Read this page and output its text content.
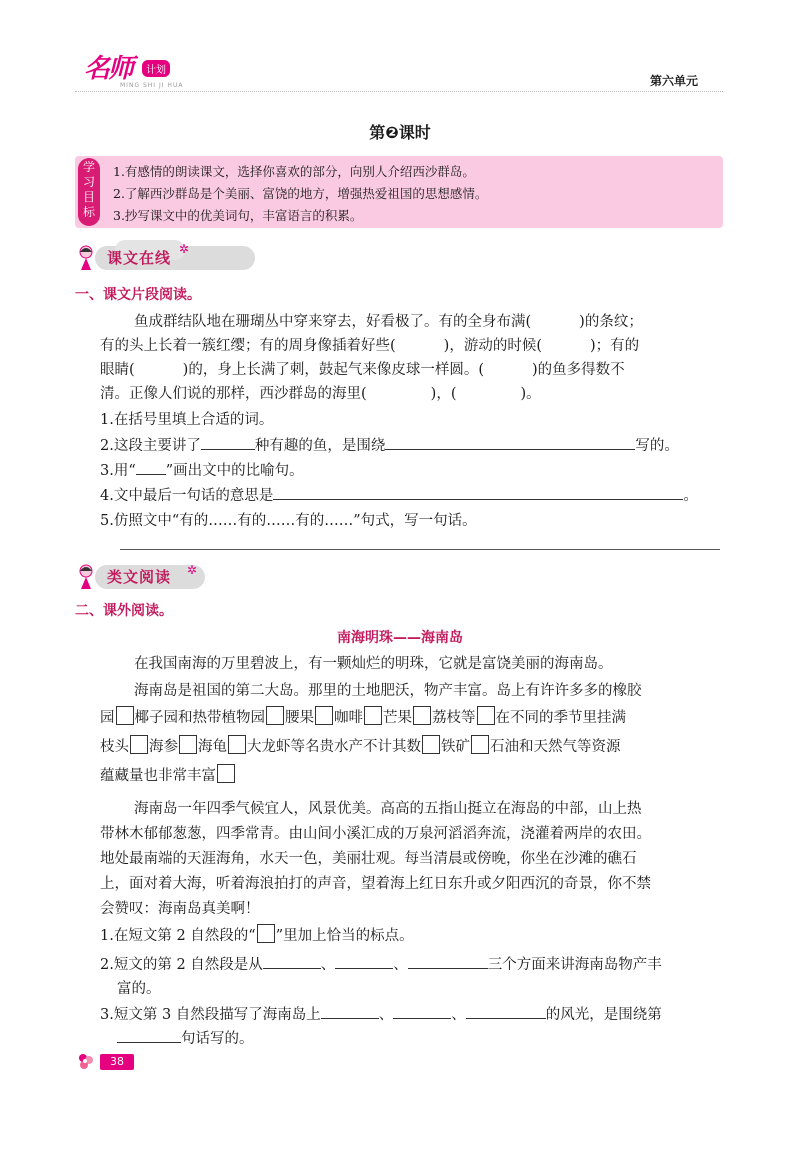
名师	计划
MING SHI JI HUA	第六单元
第❷课时
学
习
目
标
1.有感情的朗读课文，选择你喜欢的部分，向别人介绍西沙群岛。
2.了解西沙群岛是个美丽、富饶的地方，增强热爱祖国的思想感情。
3.抄写课文中的优美词句，丰富语言的积累。
课文在线 ✲
一、课文片段阅读。
鱼成群结队地在珊瑚丛中穿来穿去，好看极了。有的全身布满(	)的条纹；
有的头上长着一簇红缨；有的周身像插着好些(	)，游动的时候(	)；有的
眼睛(	)的，身上长满了刺，鼓起气来像皮球一样圆。(	)的鱼多得数不
清。正像人们说的那样，西沙群岛的海里(	)，(	)。
1.在括号里填上合适的词。
2.这段主要讲了	种有趣的鱼，是围绕	写的。
3.用“ ”画出文中的比喻句。
4.文中最后一句话的意思是	。
5.仿照文中“有的……有的……有的……”句式，写一句话。
类文阅读 ✲
二、课外阅读。
南海明珠——海南岛
在我国南海的万里碧波上，有一颗灿烂的明珠，它就是富饶美丽的海南岛。
海南岛是祖国的第二大岛。那里的土地肥沃，物产丰富。岛上有许许多多的橡胶
园 椰子园和热带植物园 腰果 咖啡 芒果 荔枝等 在不同的季节里挂满
枝头 海参 海龟 大龙虾等名贵水产不计其数 铁矿 石油和天然气等资源
蕴藏量也非常丰富
海南岛一年四季气候宜人，风景优美。高高的五指山挺立在海岛的中部，山上热
带林木郁郁葱葱，四季常青。由山间小溪汇成的万泉河滔滔奔流，浇灌着两岸的农田。
地处最南端的天涯海角，水天一色，美丽壮观。每当清晨或傍晚，你坐在沙滩的礁石
上，面对着大海，听着海浪拍打的声音，望着海上红日东升或夕阳西沉的奇景，你不禁
会赞叹：海南岛真美啊！
1.在短文第 2 自然段的“ ”里加上恰当的标点。
2.短文的第 2 自然段是从	、	、	三个方面来讲海南岛物产丰
富的。
3.短文第 3 自然段描写了海南岛上	、	、	的风光，是围绕第
句话写的。
38
